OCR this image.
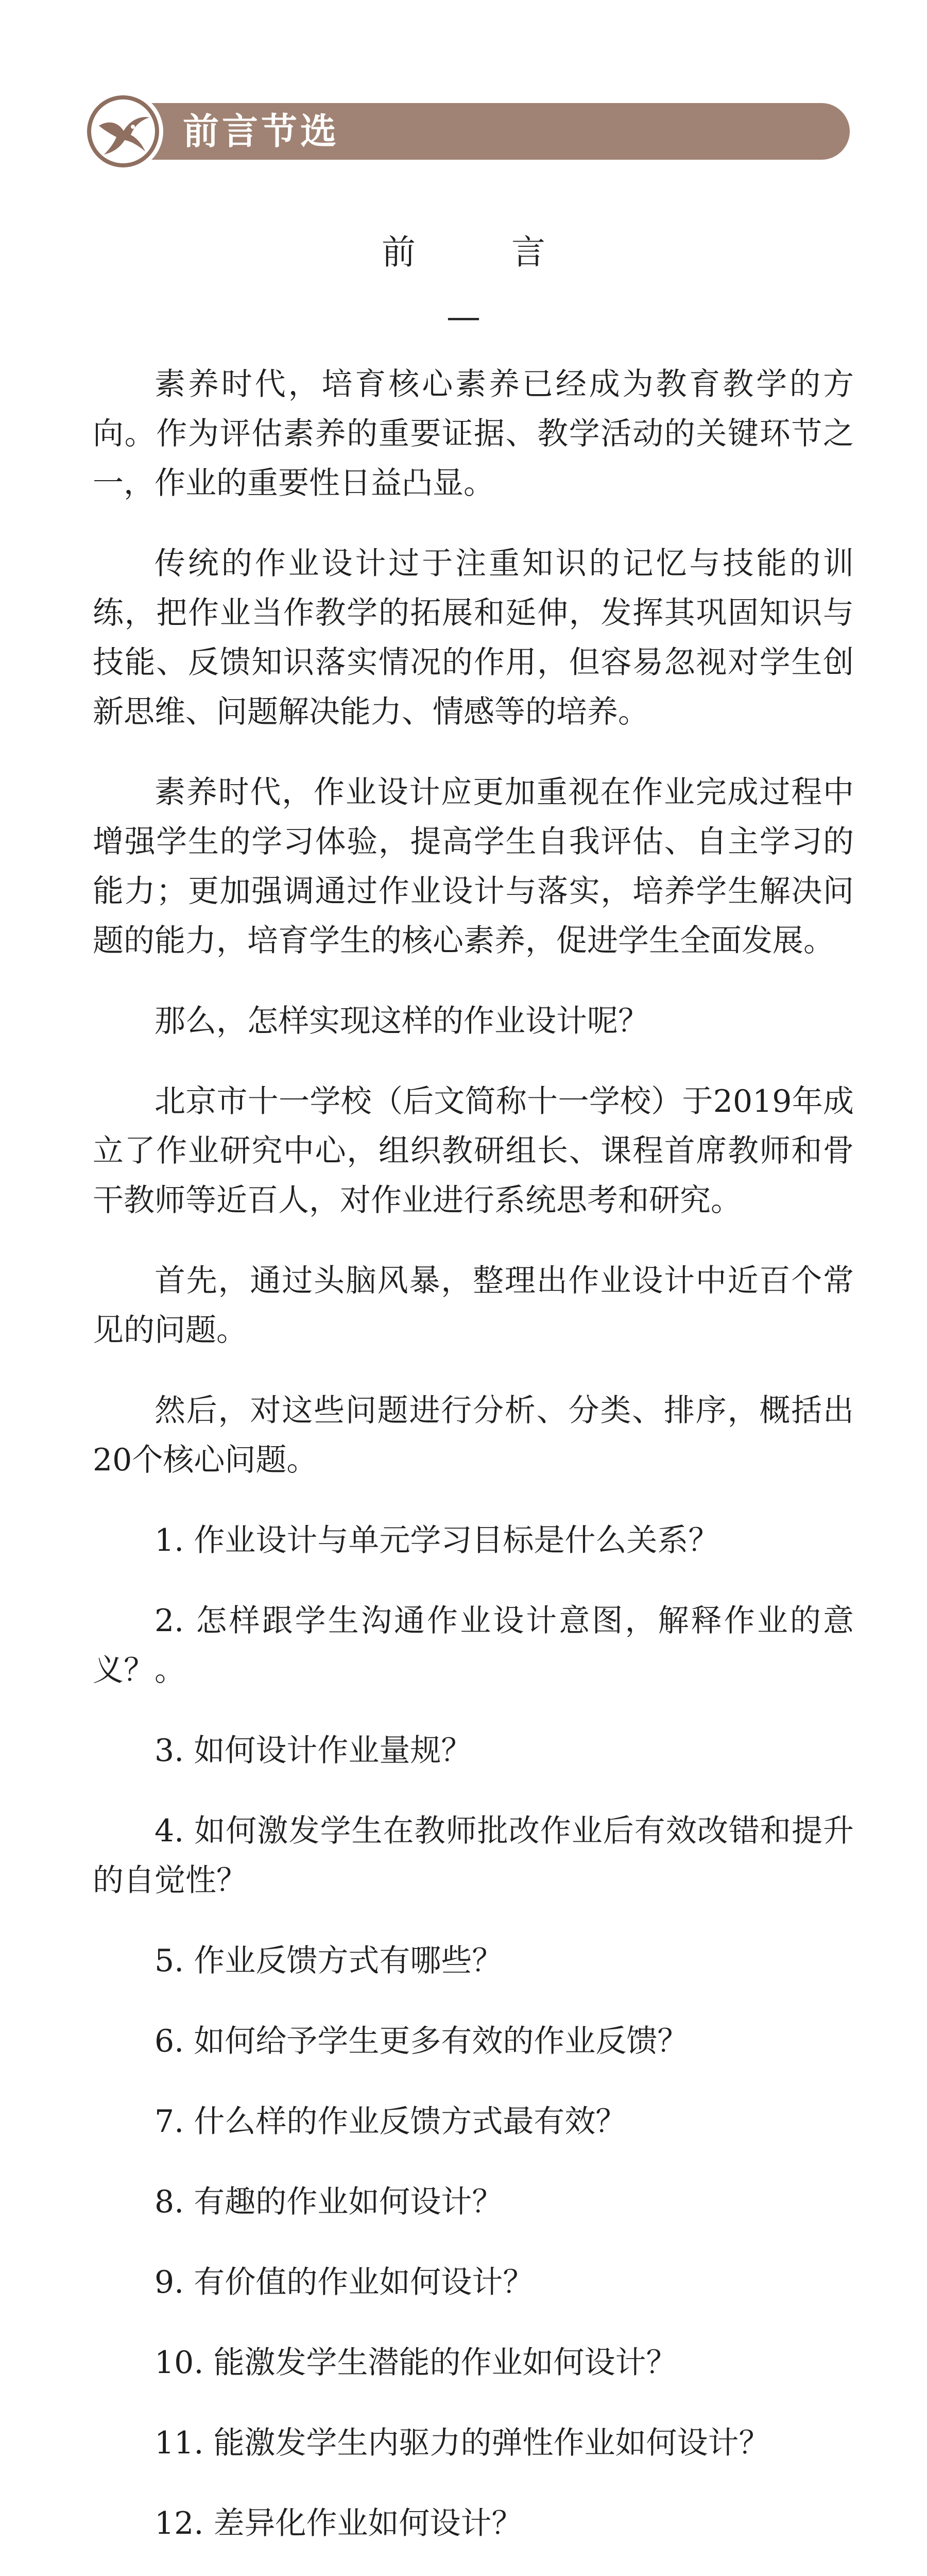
前言节选
前　言
—

素养时代，培育核心素养已经成为教育教学的方向。作为评估素养的重要证据、教学活动的关键环节之一，作业的重要性日益凸显。

传统的作业设计过于注重知识的记忆与技能的训练，把作业当作教学的拓展和延伸，发挥其巩固知识与技能、反馈知识落实情况的作用，但容易忽视对学生创新思维、问题解决能力、情感等的培养。

素养时代，作业设计应更加重视在作业完成过程中增强学生的学习体验，提高学生自我评估、自主学习的能力；更加强调通过作业设计与落实，培养学生解决问题的能力，培育学生的核心素养，促进学生全面发展。

那么，怎样实现这样的作业设计呢？

北京市十一学校（后文简称十一学校）于2019年成立了作业研究中心，组织教研组长、课程首席教师和骨干教师等近百人，对作业进行系统思考和研究。

首先，通过头脑风暴，整理出作业设计中近百个常见的问题。

然后，对这些问题进行分析、分类、排序，概括出20个核心问题。

1. 作业设计与单元学习目标是什么关系？

2. 怎样跟学生沟通作业设计意图，解释作业的意义？。

3. 如何设计作业量规？

4. 如何激发学生在教师批改作业后有效改错和提升的自觉性？

5. 作业反馈方式有哪些？

6. 如何给予学生更多有效的作业反馈？

7. 什么样的作业反馈方式最有效？

8. 有趣的作业如何设计？

9. 有价值的作业如何设计？

10. 能激发学生潜能的作业如何设计？

11. 能激发学生内驱力的弹性作业如何设计？

12. 差异化作业如何设计？
